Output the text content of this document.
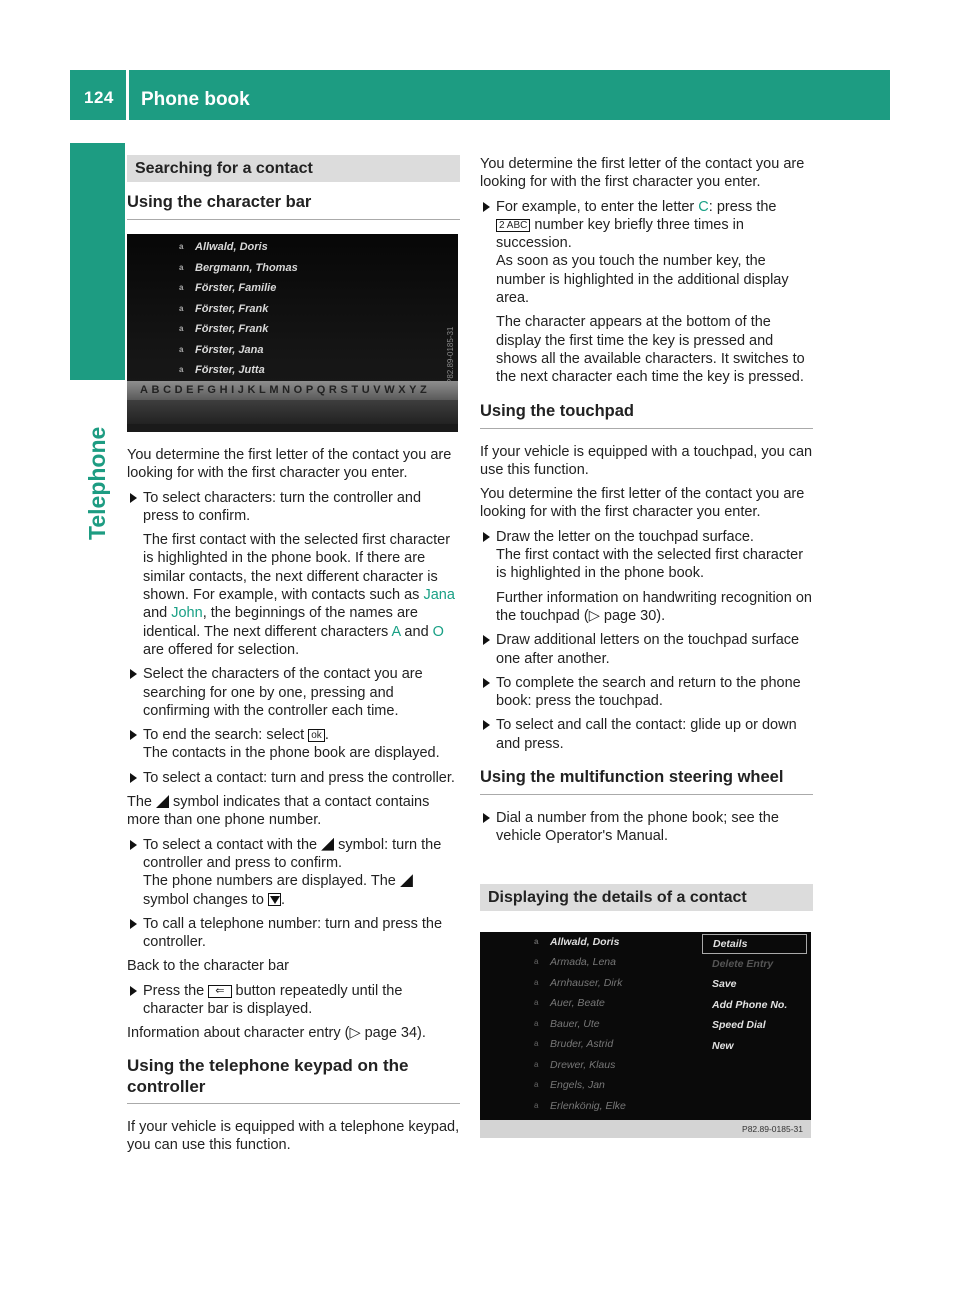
124 Phone book
Telephone
Searching for a contact
Using the character bar
a Allwald, Doris
a Bergmann, Thomas
a Förster, Familie
a Förster, Frank
a Förster, Frank
a Förster, Jana
a Förster, Jutta
ABCDEFGHIJKLMNOPQRSTUVWXYZ
P82.89-0185-31

You determine the first letter of the contact you are looking for with the first character you enter.

To select characters: turn the controller and press to confirm.
The first contact with the selected first character is highlighted in the phone book. If there are similar contacts, the next different character is shown. For example, with contacts such as Jana and John, the beginnings of the names are identical. The next different characters A and O are offered for selection.
Select the characters of the contact you are searching for one by one, pressing and confirming with the controller each time.
To end the search: select ok .
The contacts in the phone book are displayed.
To select a contact: turn and press the controller.

The  symbol indicates that a contact contains more than one phone number.

To select a contact with the  symbol: turn the controller and press to confirm.
The phone numbers are displayed. The
symbol changes to .
To call a telephone number: turn and press the controller.

Back to the character bar

Press the ⇐ button repeatedly until the character bar is displayed.

Information about character entry (▷ page 34).

Using the telephone keypad on the controller

If your vehicle is equipped with a telephone keypad, you can use this function.

You determine the first letter of the contact you are looking for with the first character you enter.

For example, to enter the letter C: press the 2 ABC number key briefly three times in succession.
As soon as you touch the number key, the number is highlighted in the additional display area.
The character appears at the bottom of the display the first time the key is pressed and shows all the available characters. It switches to the next character each time the key is pressed.
Using the touchpad

If your vehicle is equipped with a touchpad, you can use this function.

You determine the first letter of the contact you are looking for with the first character you enter.

Draw the letter on the touchpad surface.
The first contact with the selected first character is highlighted in the phone book.
Further information on handwriting recognition on the touchpad (▷ page 30).
Draw additional letters on the touchpad surface one after another.
To complete the search and return to the phone book: press the touchpad.
To select and call the contact: glide up or down and press.
Using the multifunction steering wheel
Dial a number from the phone book; see the vehicle Operator's Manual.
Displaying the details of a contact
a Allwald, Doris
a Armada, Lena
a Arnhauser, Dirk
a Auer, Beate
a Bauer, Ute
a Bruder, Astrid
a Drewer, Klaus
a Engels, Jan
a Erlenkönig, Elke
Details
Delete Entry
Save
Add Phone No.
Speed Dial
New
P82.89-0185-31
